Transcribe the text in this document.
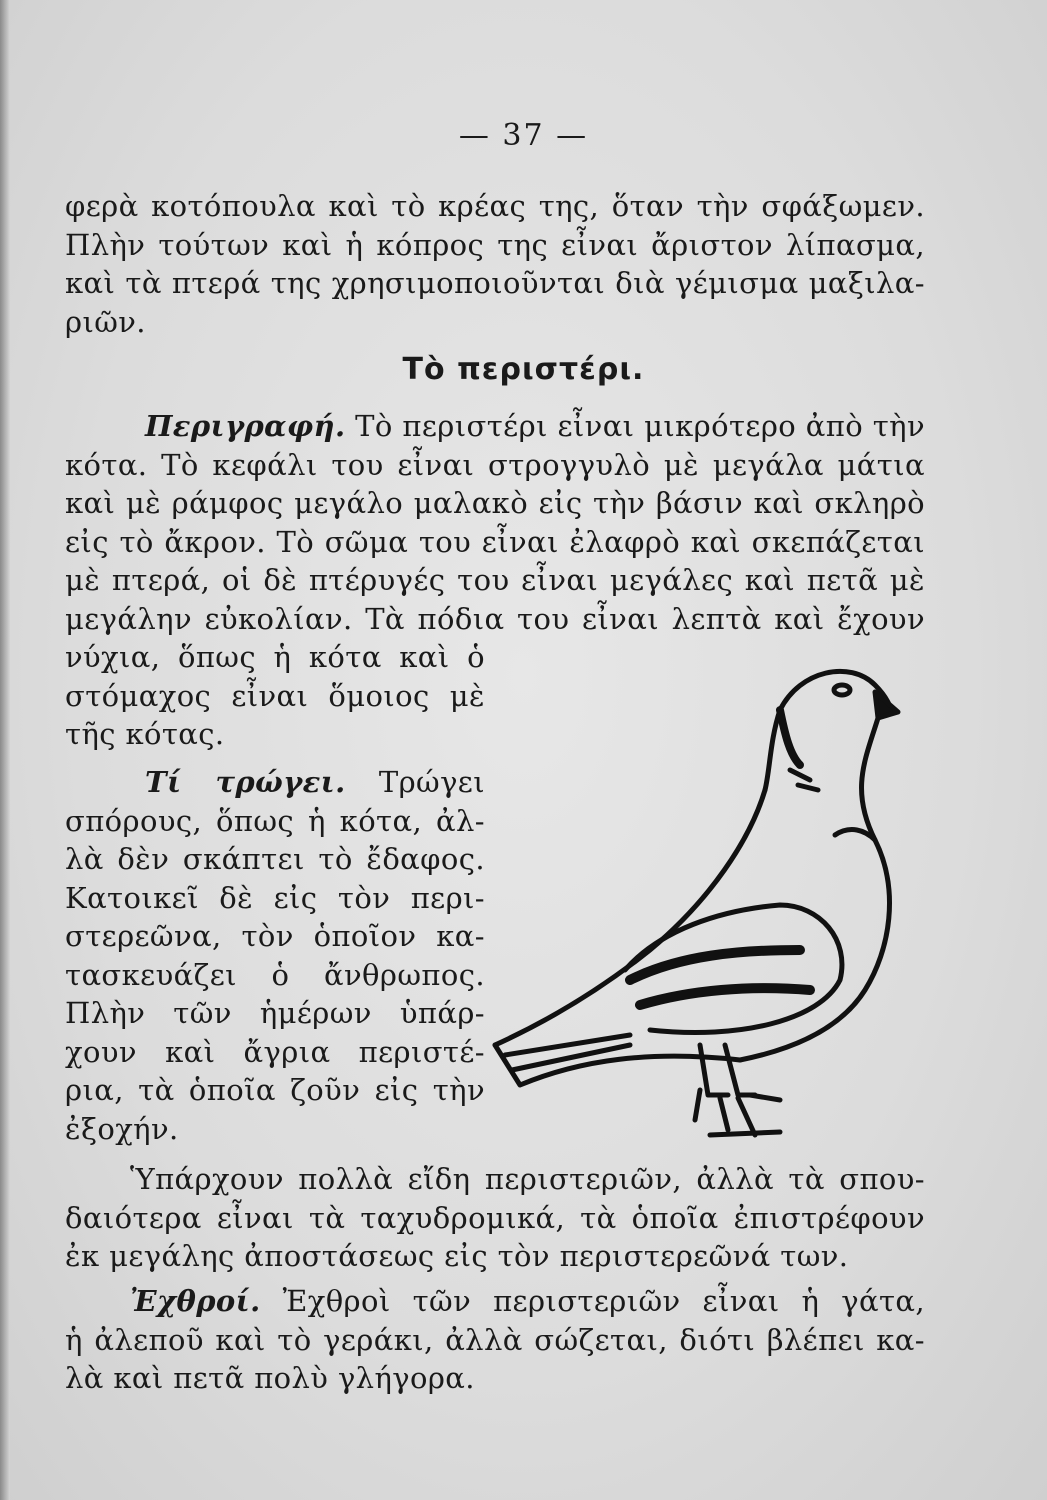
— 37 —
φερὰ κοτόπουλα καὶ τὸ κρέας της, ὅταν τὴν σφάξωμεν.
Πλὴν τούτων καὶ ἡ κόπρος της εἶναι ἄριστον λίπασμα,
καὶ τὰ πτερά της χρησιμοποιοῦνται διὰ γέμισμα μαξιλα-
ριῶν.
Τὸ περιστέρι.
Περιγραφή. Τὸ περιστέρι εἶναι μικρότερο ἀπὸ τὴν
κότα. Τὸ κεφάλι του εἶναι στρογγυλὸ μὲ μεγάλα μάτια
καὶ μὲ ράμφος μεγάλο μαλακὸ εἰς τὴν βάσιν καὶ σκληρὸ
εἰς τὸ ἄκρον. Τὸ σῶμα του εἶναι ἐλαφρὸ καὶ σκεπάζεται
μὲ πτερά, οἱ δὲ πτέρυγές του εἶναι μεγάλες καὶ πετᾶ μὲ
μεγάλην εὐκολίαν. Τὰ πόδια του εἶναι λεπτὰ καὶ ἔχουν
νύχια, ὅπως ἡ κότα καὶ ὁ
στόμαχος εἶναι ὅμοιος μὲ
τῆς κότας.
Τί τρώγει. Τρώγει
σπόρους, ὅπως ἡ κότα, ἀλ-
λὰ δὲν σκάπτει τὸ ἔδαφος.
Κατοικεῖ δὲ εἰς τὸν περι-
στερεῶνα, τὸν ὁποῖον κα-
τασκευάζει ὁ ἄνθρωπος.
Πλὴν τῶν ἡμέρων ὑπάρ-
χουν καὶ ἄγρια περιστέ-
ρια, τὰ ὁποῖα ζοῦν εἰς τὴν
ἐξοχήν.
Ὑπάρχουν πολλὰ εἴδη περιστεριῶν, ἀλλὰ τὰ σπου-
δαιότερα εἶναι τὰ ταχυδρομικά, τὰ ὁποῖα ἐπιστρέφουν
ἐκ μεγάλης ἀποστάσεως εἰς τὸν περιστερεῶνά των.
Ἐχθροί. Ἐχθροὶ τῶν περιστεριῶν εἶναι ἡ γάτα,
ἡ ἀλεποῦ καὶ τὸ γεράκι, ἀλλὰ σώζεται, διότι βλέπει κα-
λὰ καὶ πετᾶ πολὺ γλήγορα.
